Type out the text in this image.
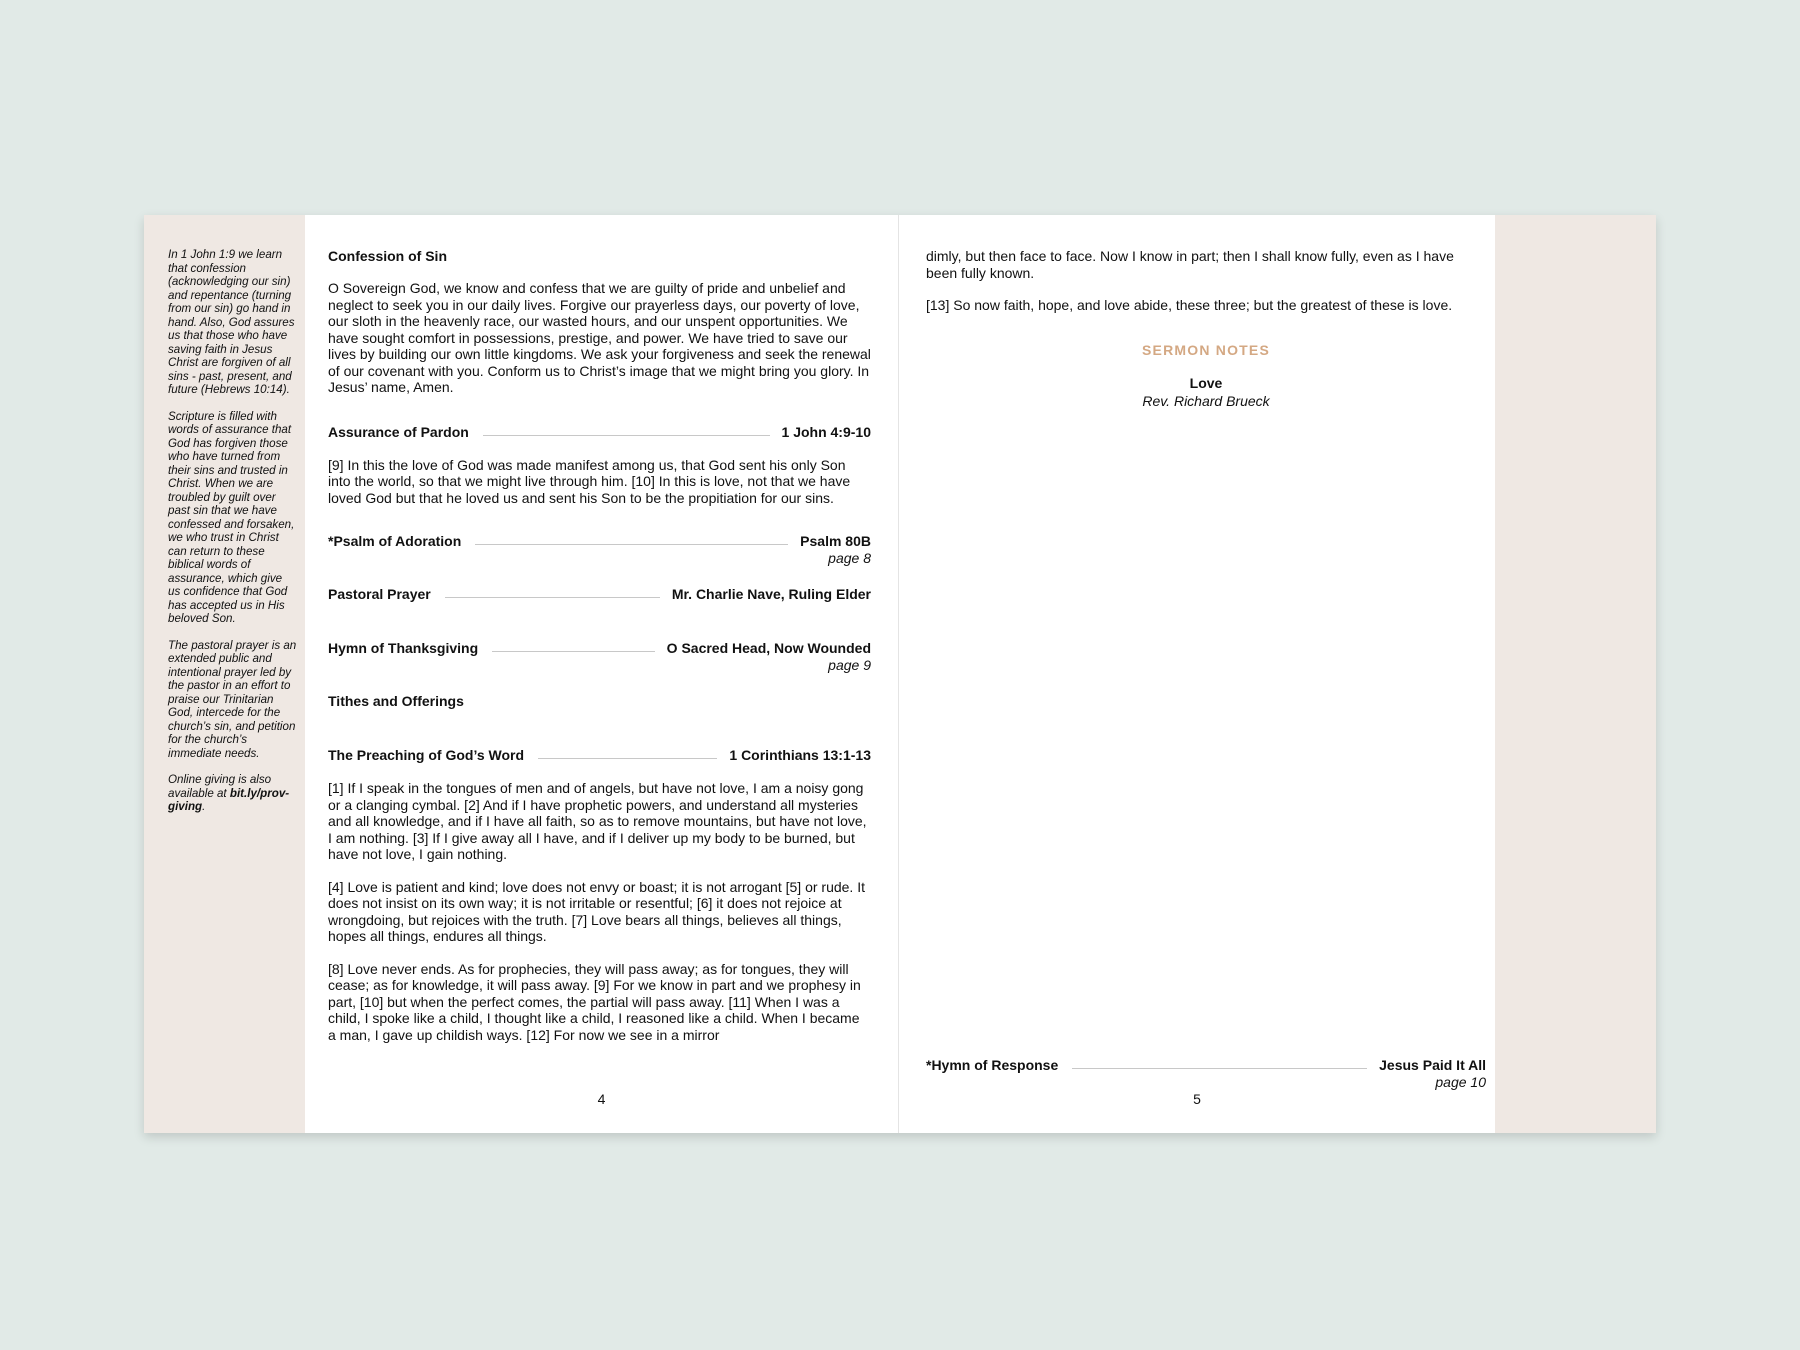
In 1 John 1:9 we learn that confession (acknowledging our sin) and repentance (turning from our sin) go hand in hand. Also, God assures us that those who have saving faith in Jesus Christ are forgiven of all sins - past, present, and future (Hebrews 10:14).

Scripture is filled with words of assurance that God has forgiven those who have turned from their sins and trusted in Christ. When we are troubled by guilt over past sin that we have confessed and forsaken, we who trust in Christ can return to these biblical words of assurance, which give us confidence that God has accepted us in His beloved Son.

The pastoral prayer is an extended public and intentional prayer led by the pastor in an effort to praise our Trinitarian God, intercede for the church’s sin, and petition for the church’s immediate needs.

Online giving is also available at bit.ly/prov-giving.

Confession of Sin

O Sovereign God, we know and confess that we are guilty of pride and unbelief and neglect to seek you in our daily lives. Forgive our prayerless days, our poverty of love, our sloth in the heavenly race, our wasted hours, and our unspent opportunities. We have sought comfort in possessions, prestige, and power. We have tried to save our lives by building our own little kingdoms. We ask your forgiveness and seek the renewal of our covenant with you. Conform us to Christ’s image that we might bring you glory. In Jesus’ name, Amen.

Assurance of Pardon	1 John 4:9-10

[9] In this the love of God was made manifest among us, that God sent his only Son into the world, so that we might live through him. [10] In this is love, not that we have loved God but that he loved us and sent his Son to be the propitiation for our sins.

*Psalm of Adoration	Psalm 80B
page 8
Pastoral Prayer	Mr. Charlie Nave, Ruling Elder
Hymn of Thanksgiving	O Sacred Head, Now Wounded
page 9
Tithes and Offerings
The Preaching of God’s Word	1 Corinthians 13:1-13

[1] If I speak in the tongues of men and of angels, but have not love, I am a noisy gong or a clanging cymbal. [2] And if I have prophetic powers, and understand all mysteries and all knowledge, and if I have all faith, so as to remove mountains, but have not love, I am nothing. [3] If I give away all I have, and if I deliver up my body to be burned, but have not love, I gain nothing.

[4] Love is patient and kind; love does not envy or boast; it is not arrogant [5] or rude. It does not insist on its own way; it is not irritable or resentful; [6] it does not rejoice at wrongdoing, but rejoices with the truth. [7] Love bears all things, believes all things, hopes all things, endures all things.

[8] Love never ends. As for prophecies, they will pass away; as for tongues, they will cease; as for knowledge, it will pass away. [9] For we know in part and we prophesy in part, [10] but when the perfect comes, the partial will pass away. [11] When I was a child, I spoke like a child, I thought like a child, I reasoned like a child. When I became a man, I gave up childish ways. [12] For now we see in a mirror

4

dimly, but then face to face. Now I know in part; then I shall know fully, even as I have been fully known.

[13] So now faith, hope, and love abide, these three; but the greatest of these is love.

SERMON NOTES
Love
Rev. Richard Brueck
*Hymn of Response	Jesus Paid It All
page 10
5
